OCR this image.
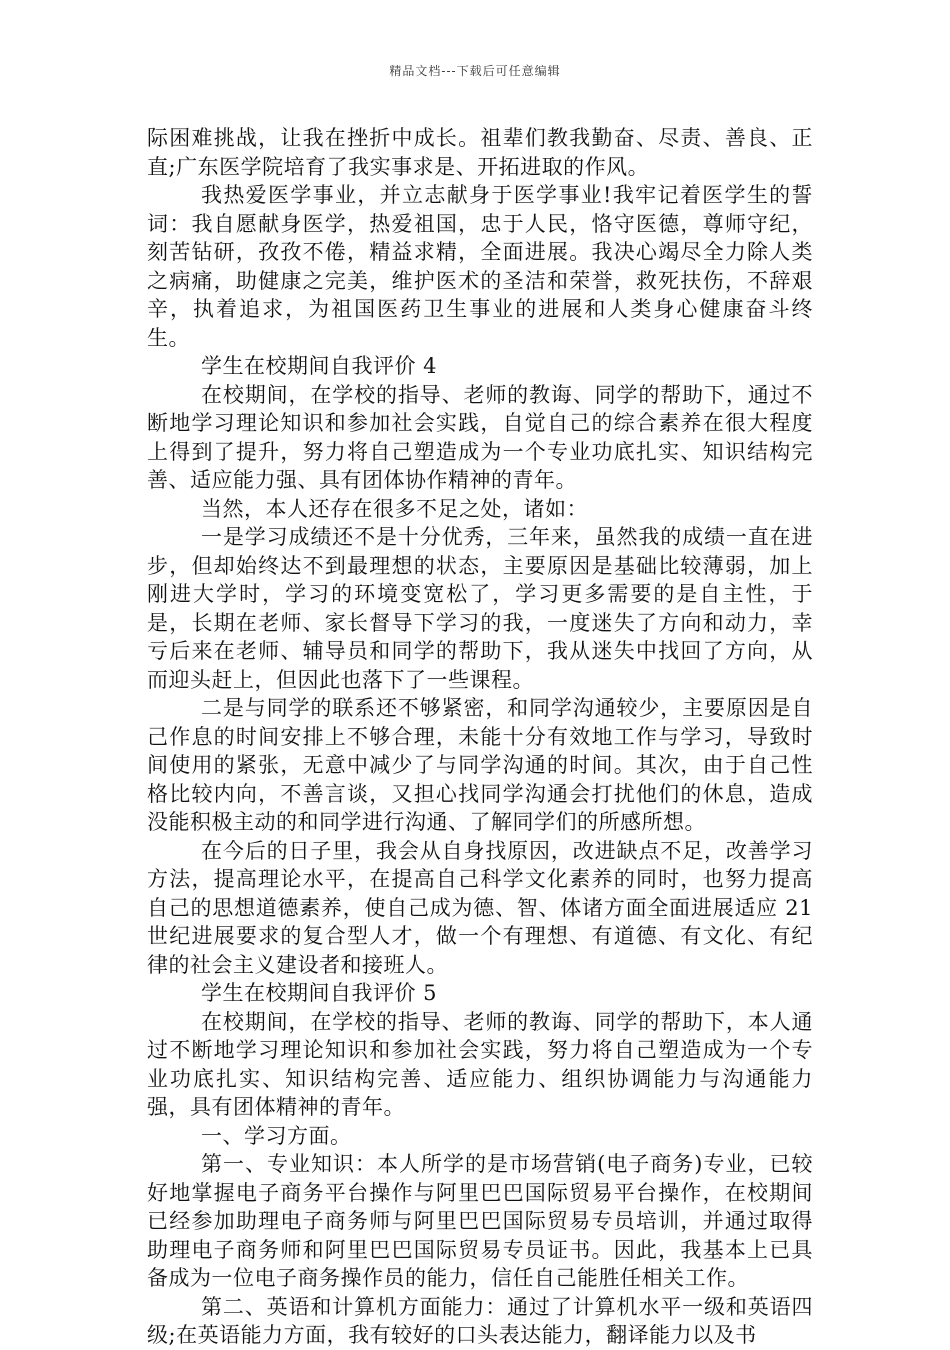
精品文档---下载后可任意编辑

际困难挑战，让我在挫折中成长。祖辈们教我勤奋、尽责、善良、正直;广东医学院培育了我实事求是、开拓进取的作风。

我热爱医学事业，并立志献身于医学事业!我牢记着医学生的誓词：我自愿献身医学，热爱祖国，忠于人民，恪守医德，尊师守纪，刻苦钻研，孜孜不倦，精益求精，全面进展。我决心竭尽全力除人类之病痛，助健康之完美，维护医术的圣洁和荣誉，救死扶伤，不辞艰辛，执着追求，为祖国医药卫生事业的进展和人类身心健康奋斗终生。

学生在校期间自我评价 4

在校期间，在学校的指导、老师的教诲、同学的帮助下，通过不断地学习理论知识和参加社会实践，自觉自己的综合素养在很大程度上得到了提升，努力将自己塑造成为一个专业功底扎实、知识结构完善、适应能力强、具有团体协作精神的青年。

当然，本人还存在很多不足之处，诸如：

一是学习成绩还不是十分优秀，三年来，虽然我的成绩一直在进步，但却始终达不到最理想的状态，主要原因是基础比较薄弱，加上刚进大学时，学习的环境变宽松了，学习更多需要的是自主性，于是，长期在老师、家长督导下学习的我，一度迷失了方向和动力，幸亏后来在老师、辅导员和同学的帮助下，我从迷失中找回了方向，从而迎头赶上，但因此也落下了一些课程。

二是与同学的联系还不够紧密，和同学沟通较少，主要原因是自己作息的时间安排上不够合理，未能十分有效地工作与学习，导致时间使用的紧张，无意中减少了与同学沟通的时间。其次，由于自己性格比较内向，不善言谈，又担心找同学沟通会打扰他们的休息，造成没能积极主动的和同学进行沟通、了解同学们的所感所想。

在今后的日子里，我会从自身找原因，改进缺点不足，改善学习方法，提高理论水平，在提高自己科学文化素养的同时，也努力提高自己的思想道德素养，使自己成为德、智、体诸方面全面进展适应 21 世纪进展要求的复合型人才，做一个有理想、有道德、有文化、有纪律的社会主义建设者和接班人。

学生在校期间自我评价 5

在校期间，在学校的指导、老师的教诲、同学的帮助下，本人通过不断地学习理论知识和参加社会实践，努力将自己塑造成为一个专业功底扎实、知识结构完善、适应能力、组织协调能力与沟通能力强，具有团体精神的青年。

一、学习方面。

第一、专业知识：本人所学的是市场营销(电子商务)专业，已较好地掌握电子商务平台操作与阿里巴巴国际贸易平台操作，在校期间已经参加助理电子商务师与阿里巴巴国际贸易专员培训，并通过取得助理电子商务师和阿里巴巴国际贸易专员证书。因此，我基本上已具备成为一位电子商务操作员的能力，信任自己能胜任相关工作。

第二、英语和计算机方面能力：通过了计算机水平一级和英语四级;在英语能力方面，我有较好的口头表达能力，翻译能力以及书
